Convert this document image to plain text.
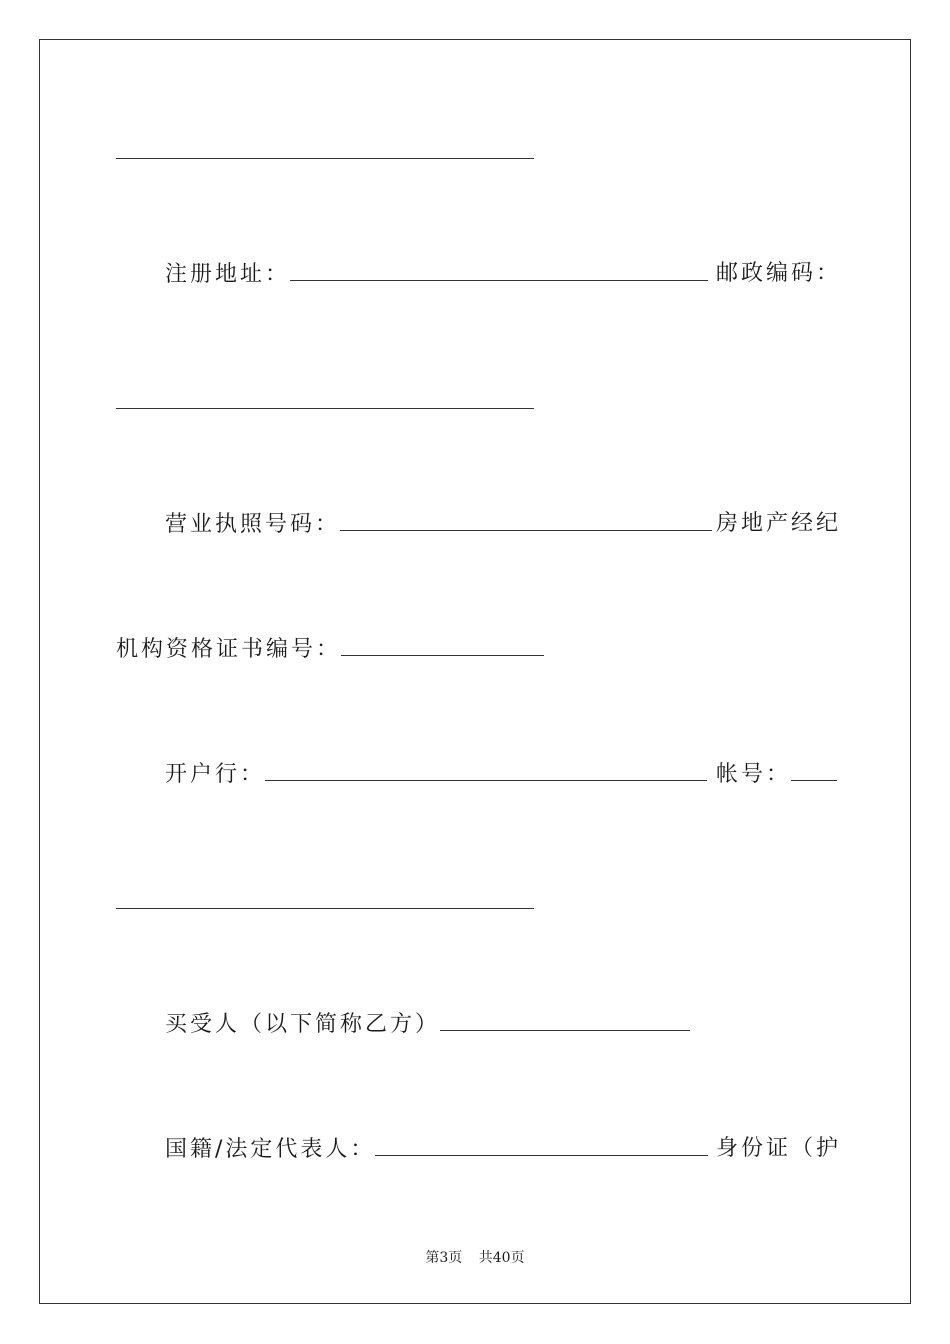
注册地址：	邮政编码：
营业执照号码：	房地产经纪
机构资格证书编号：
开户行：	帐号：
买受人（以下简称乙方）
国籍/法定代表人：	身份证（护
第3页 共40页
